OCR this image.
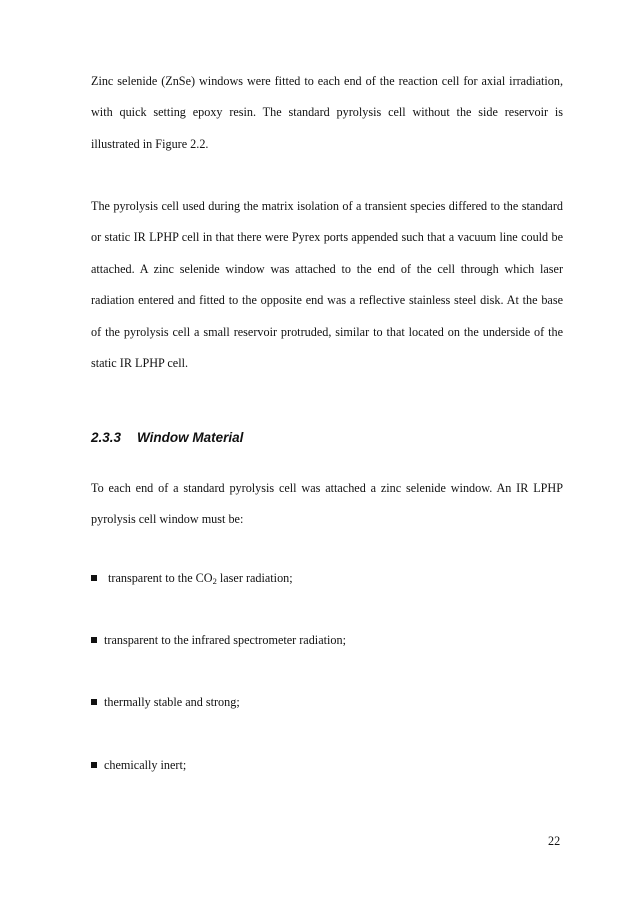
Zinc selenide (ZnSe) windows were fitted to each end of the reaction cell for axial irradiation, with quick setting epoxy resin. The standard pyrolysis cell without the side reservoir is illustrated in Figure 2.2.

The pyrolysis cell used during the matrix isolation of a transient species differed to the standard or static IR LPHP cell in that there were Pyrex ports appended such that a vacuum line could be attached. A zinc selenide window was attached to the end of the cell through which laser radiation entered and fitted to the opposite end was a reflective stainless steel disk. At the base of the pyrolysis cell a small reservoir protruded, similar to that located on the underside of the static IR LPHP cell.

2.3.3 Window Material

To each end of a standard pyrolysis cell was attached a zinc selenide window. An IR LPHP pyrolysis cell window must be:

transparent to the $CO_2$ laser radiation;

transparent to the infrared spectrometer radiation;

thermally stable and strong;

chemically inert;

22
